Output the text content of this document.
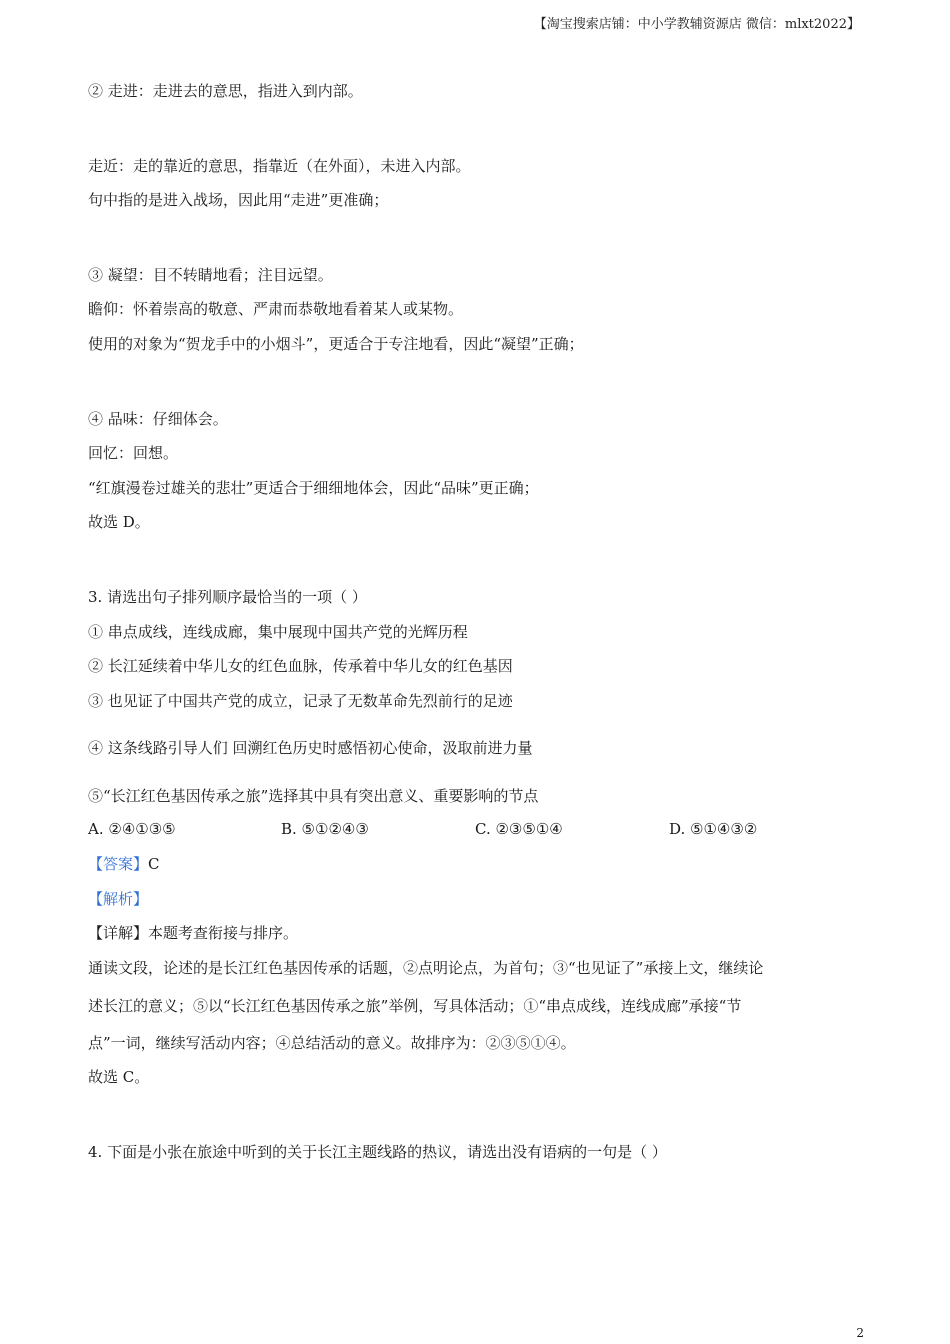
【淘宝搜索店铺：中小学教辅资源店 微信：mlxt2022】
② 走进：走进去的意思，指进入到内部。
走近：走的靠近的意思，指靠近（在外面），未进入内部。
句中指的是进入战场，因此用“走进”更准确；
③ 凝望：目不转睛地看；注目远望。
瞻仰：怀着崇高的敬意、严肃而恭敬地看着某人或某物。
使用的对象为“贺龙手中的小烟斗”，更适合于专注地看，因此“凝望”正确；
④ 品味：仔细体会。
回忆：回想。
“红旗漫卷过雄关的悲壮”更适合于细细地体会，因此“品味”更正确；
故选 D。
3. 请选出句子排列顺序最恰当的一项（ ）
① 串点成线，连线成廊，集中展现中国共产党的光辉历程
② 长江延续着中华儿女的红色血脉，传承着中华儿女的红色基因
③ 也见证了中国共产党的成立，记录了无数革命先烈前行的足迹
④ 这条线路引导人们 回溯红色历史时感悟初心使命，汲取前进力量
⑤“长江红色基因传承之旅”选择其中具有突出意义、重要影响的节点
A. ②④①③⑤	B. ⑤①②④③	C. ②③⑤①④	D. ⑤①④③②
【答案】C
【解析】
【详解】本题考查衔接与排序。
通读文段，论述的是长江红色基因传承的话题，②点明论点，为首句；③“也见证了”承接上文，继续论
述长江的意义；⑤以“长江红色基因传承之旅”举例，写具体活动；①“串点成线，连线成廊”承接“节
点”一词，继续写活动内容；④总结活动的意义。故排序为：②③⑤①④。
故选 C。
4. 下面是小张在旅途中听到的关于长江主题线路的热议，请选出没有语病的一句是（ ）
2
